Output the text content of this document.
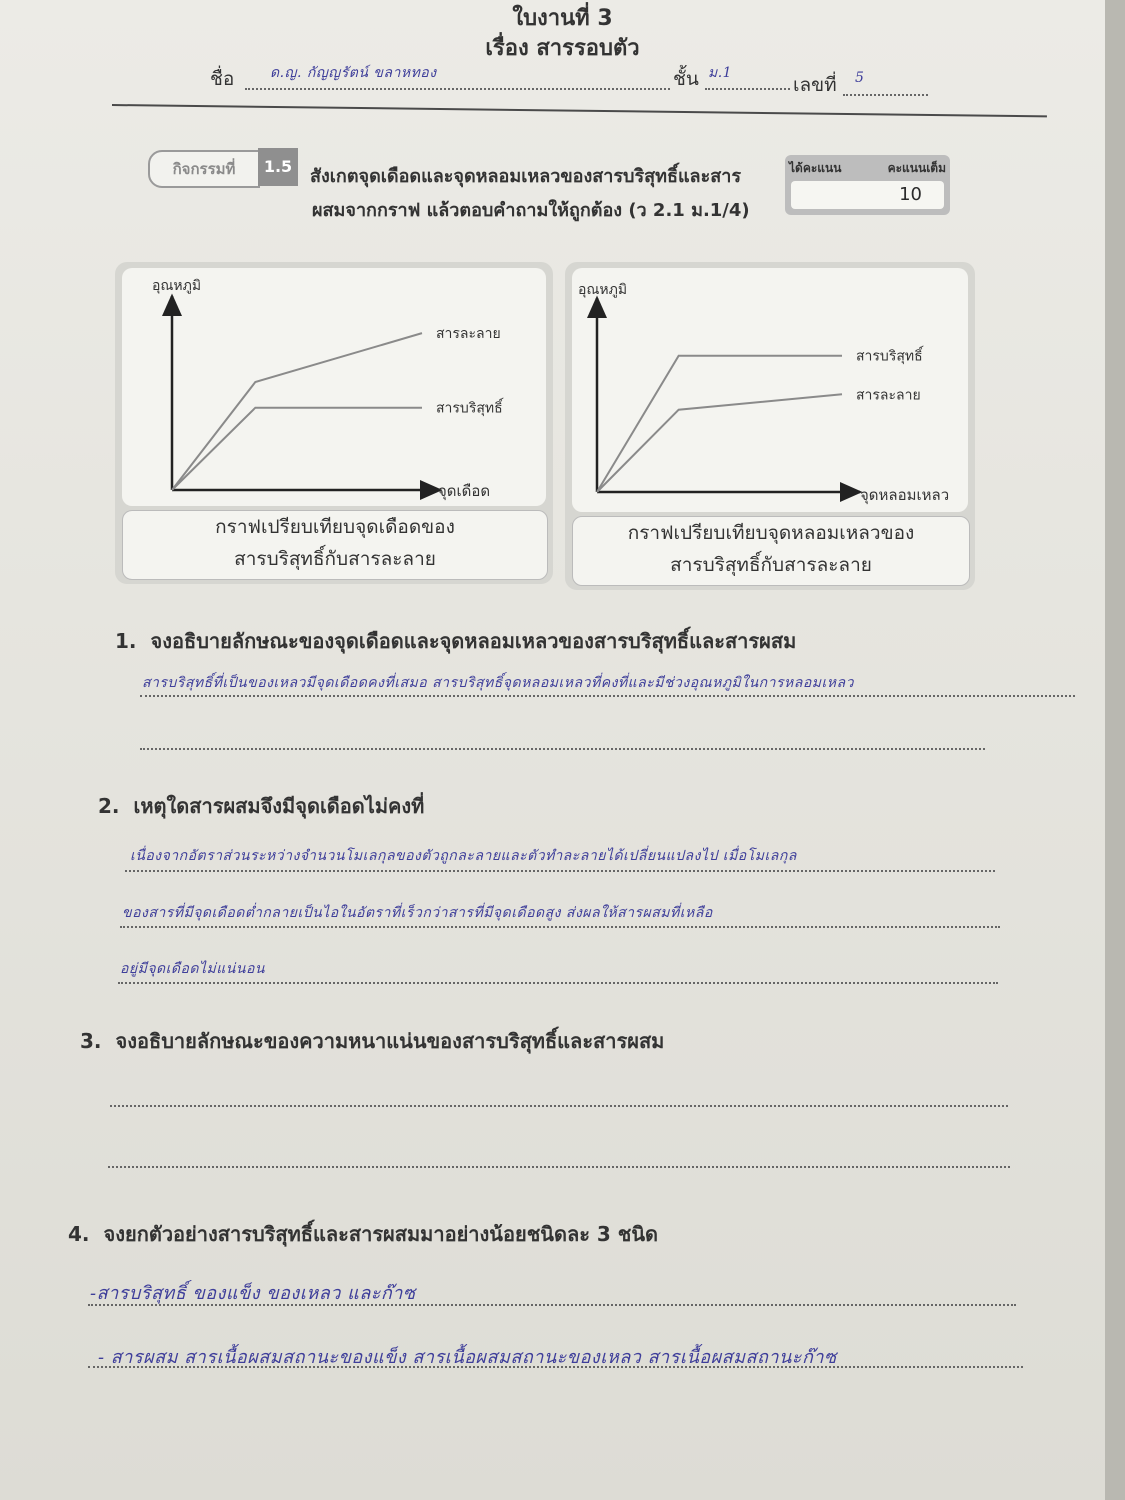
ใบงานที่ 3
เรื่อง สารรอบตัว
ชื่อ	ด.ญ. กัญญรัตน์ ขลาหทอง	ชั้น ม.1
เลขที่ 5
กิจกรรมที่	1.5 สังเกตจุดเดือดและจุดหลอมเหลวของสารบริสุทธิ์และสาร
ผสมจากกราฟ แล้วตอบคำถามให้ถูกต้อง (ว 2.1 ม.1/4)
ได้คะแนน	คะแนนเต็ม
10
อุณหภูมิ
จุดเดือด
สารละลาย
สารบริสุทธิ์
อุณหภูมิ
จุดหลอมเหลว
สารบริสุทธิ์
สารละลาย
กราฟเปรียบเทียบจุดเดือดของ
สารบริสุทธิ์กับสารละลาย
กราฟเปรียบเทียบจุดหลอมเหลวของ
สารบริสุทธิ์กับสารละลาย
1. จงอธิบายลักษณะของจุดเดือดและจุดหลอมเหลวของสารบริสุทธิ์และสารผสม
สารบริสุทธิ์ที่เป็นของเหลวมีจุดเดือดคงที่เสมอ สารบริสุทธิ์จุดหลอมเหลวที่คงที่และมีช่วงอุณหภูมิในการหลอมเหลว
2. เหตุใดสารผสมจึงมีจุดเดือดไม่คงที่
เนื่องจากอัตราส่วนระหว่างจำนวนโมเลกุลของตัวถูกละลายและตัวทำละลายได้เปลี่ยนแปลงไป เมื่อโมเลกุล
ของสารที่มีจุดเดือดต่ำกลายเป็นไอในอัตราที่เร็วกว่าสารที่มีจุดเดือดสูง ส่งผลให้สารผสมที่เหลือ
อยู่มีจุดเดือดไม่แน่นอน
3. จงอธิบายลักษณะของความหนาแน่นของสารบริสุทธิ์และสารผสม
4. จงยกตัวอย่างสารบริสุทธิ์และสารผสมมาอย่างน้อยชนิดละ 3 ชนิด
-สารบริสุทธิ์ ของแข็ง ของเหลว และก๊าซ
- สารผสม สารเนื้อผสมสถานะของแข็ง สารเนื้อผสมสถานะของเหลว สารเนื้อผสมสถานะก๊าซ
